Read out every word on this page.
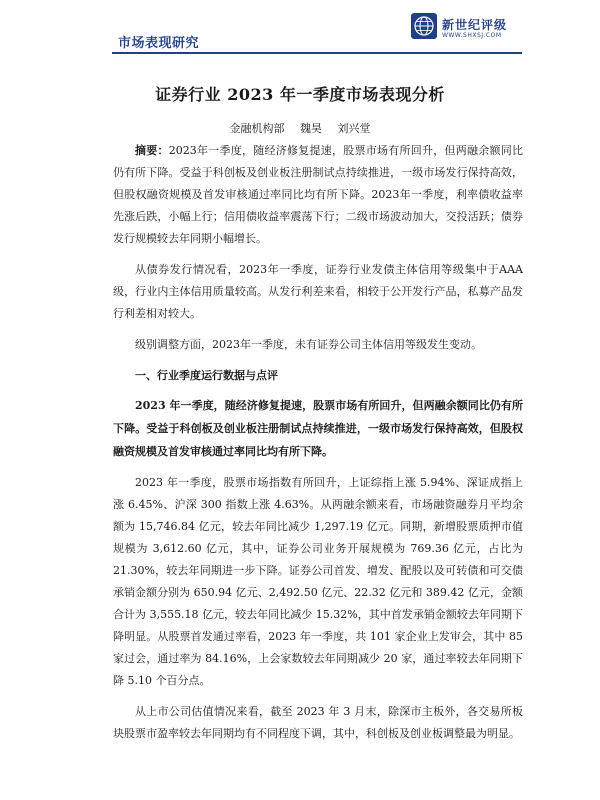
市场表现研究
新世纪评级
WWW.SHXSJ.COM
证券行业 2023 年一季度市场表现分析
金融机构部 魏昊 刘兴堂

摘要：2023年一季度，随经济修复提速，股票市场有所回升，但两融余额同比仍有所下降。受益于科创板及创业板注册制试点持续推进，一级市场发行保持高效，但股权融资规模及首发审核通过率同比均有所下降。2023年一季度，利率债收益率先涨后跌，小幅上行；信用债收益率震荡下行；二级市场波动加大，交投活跃；债券发行规模较去年同期小幅增长。

从债券发行情况看，2023年一季度，证券行业发债主体信用等级集中于AAA级，行业内主体信用质量较高。从发行利差来看，相较于公开发行产品，私募产品发行利差相对较大。

级别调整方面，2023年一季度，未有证券公司主体信用等级发生变动。

一、行业季度运行数据与点评

2023 年一季度，随经济修复提速，股票市场有所回升，但两融余额同比仍有所下降。受益于科创板及创业板注册制试点持续推进，一级市场发行保持高效，但股权融资规模及首发审核通过率同比均有所下降。

2023 年一季度，股票市场指数有所回升，上证综指上涨 5.94%、深证成指上涨 6.45%、沪深 300 指数上涨 4.63%。从两融余额来看，市场融资融券月平均余额为 15,746.84 亿元，较去年同比减少 1,297.19 亿元。同期，新增股票质押市值规模为 3,612.60 亿元，其中，证券公司业务开展规模为 769.36 亿元，占比为 21.30%，较去年同期进一步下降。证券公司首发、增发、配股以及可转债和可交债承销金额分别为 650.94 亿元、2,492.50 亿元、22.32 亿元和 389.42 亿元，金额合计为 3,555.18 亿元，较去年同比减少 15.32%，其中首发承销金额较去年同期下降明显。从股票首发通过率看，2023 年一季度，共 101 家企业上发审会，其中 85 家过会，通过率为 84.16%，上会家数较去年同期减少 20 家，通过率较去年同期下降 5.10 个百分点。

从上市公司估值情况来看，截至 2023 年 3 月末，除深市主板外，各交易所板块股票市盈率较去年同期均有不同程度下调，其中，科创板及创业板调整最为明显。
